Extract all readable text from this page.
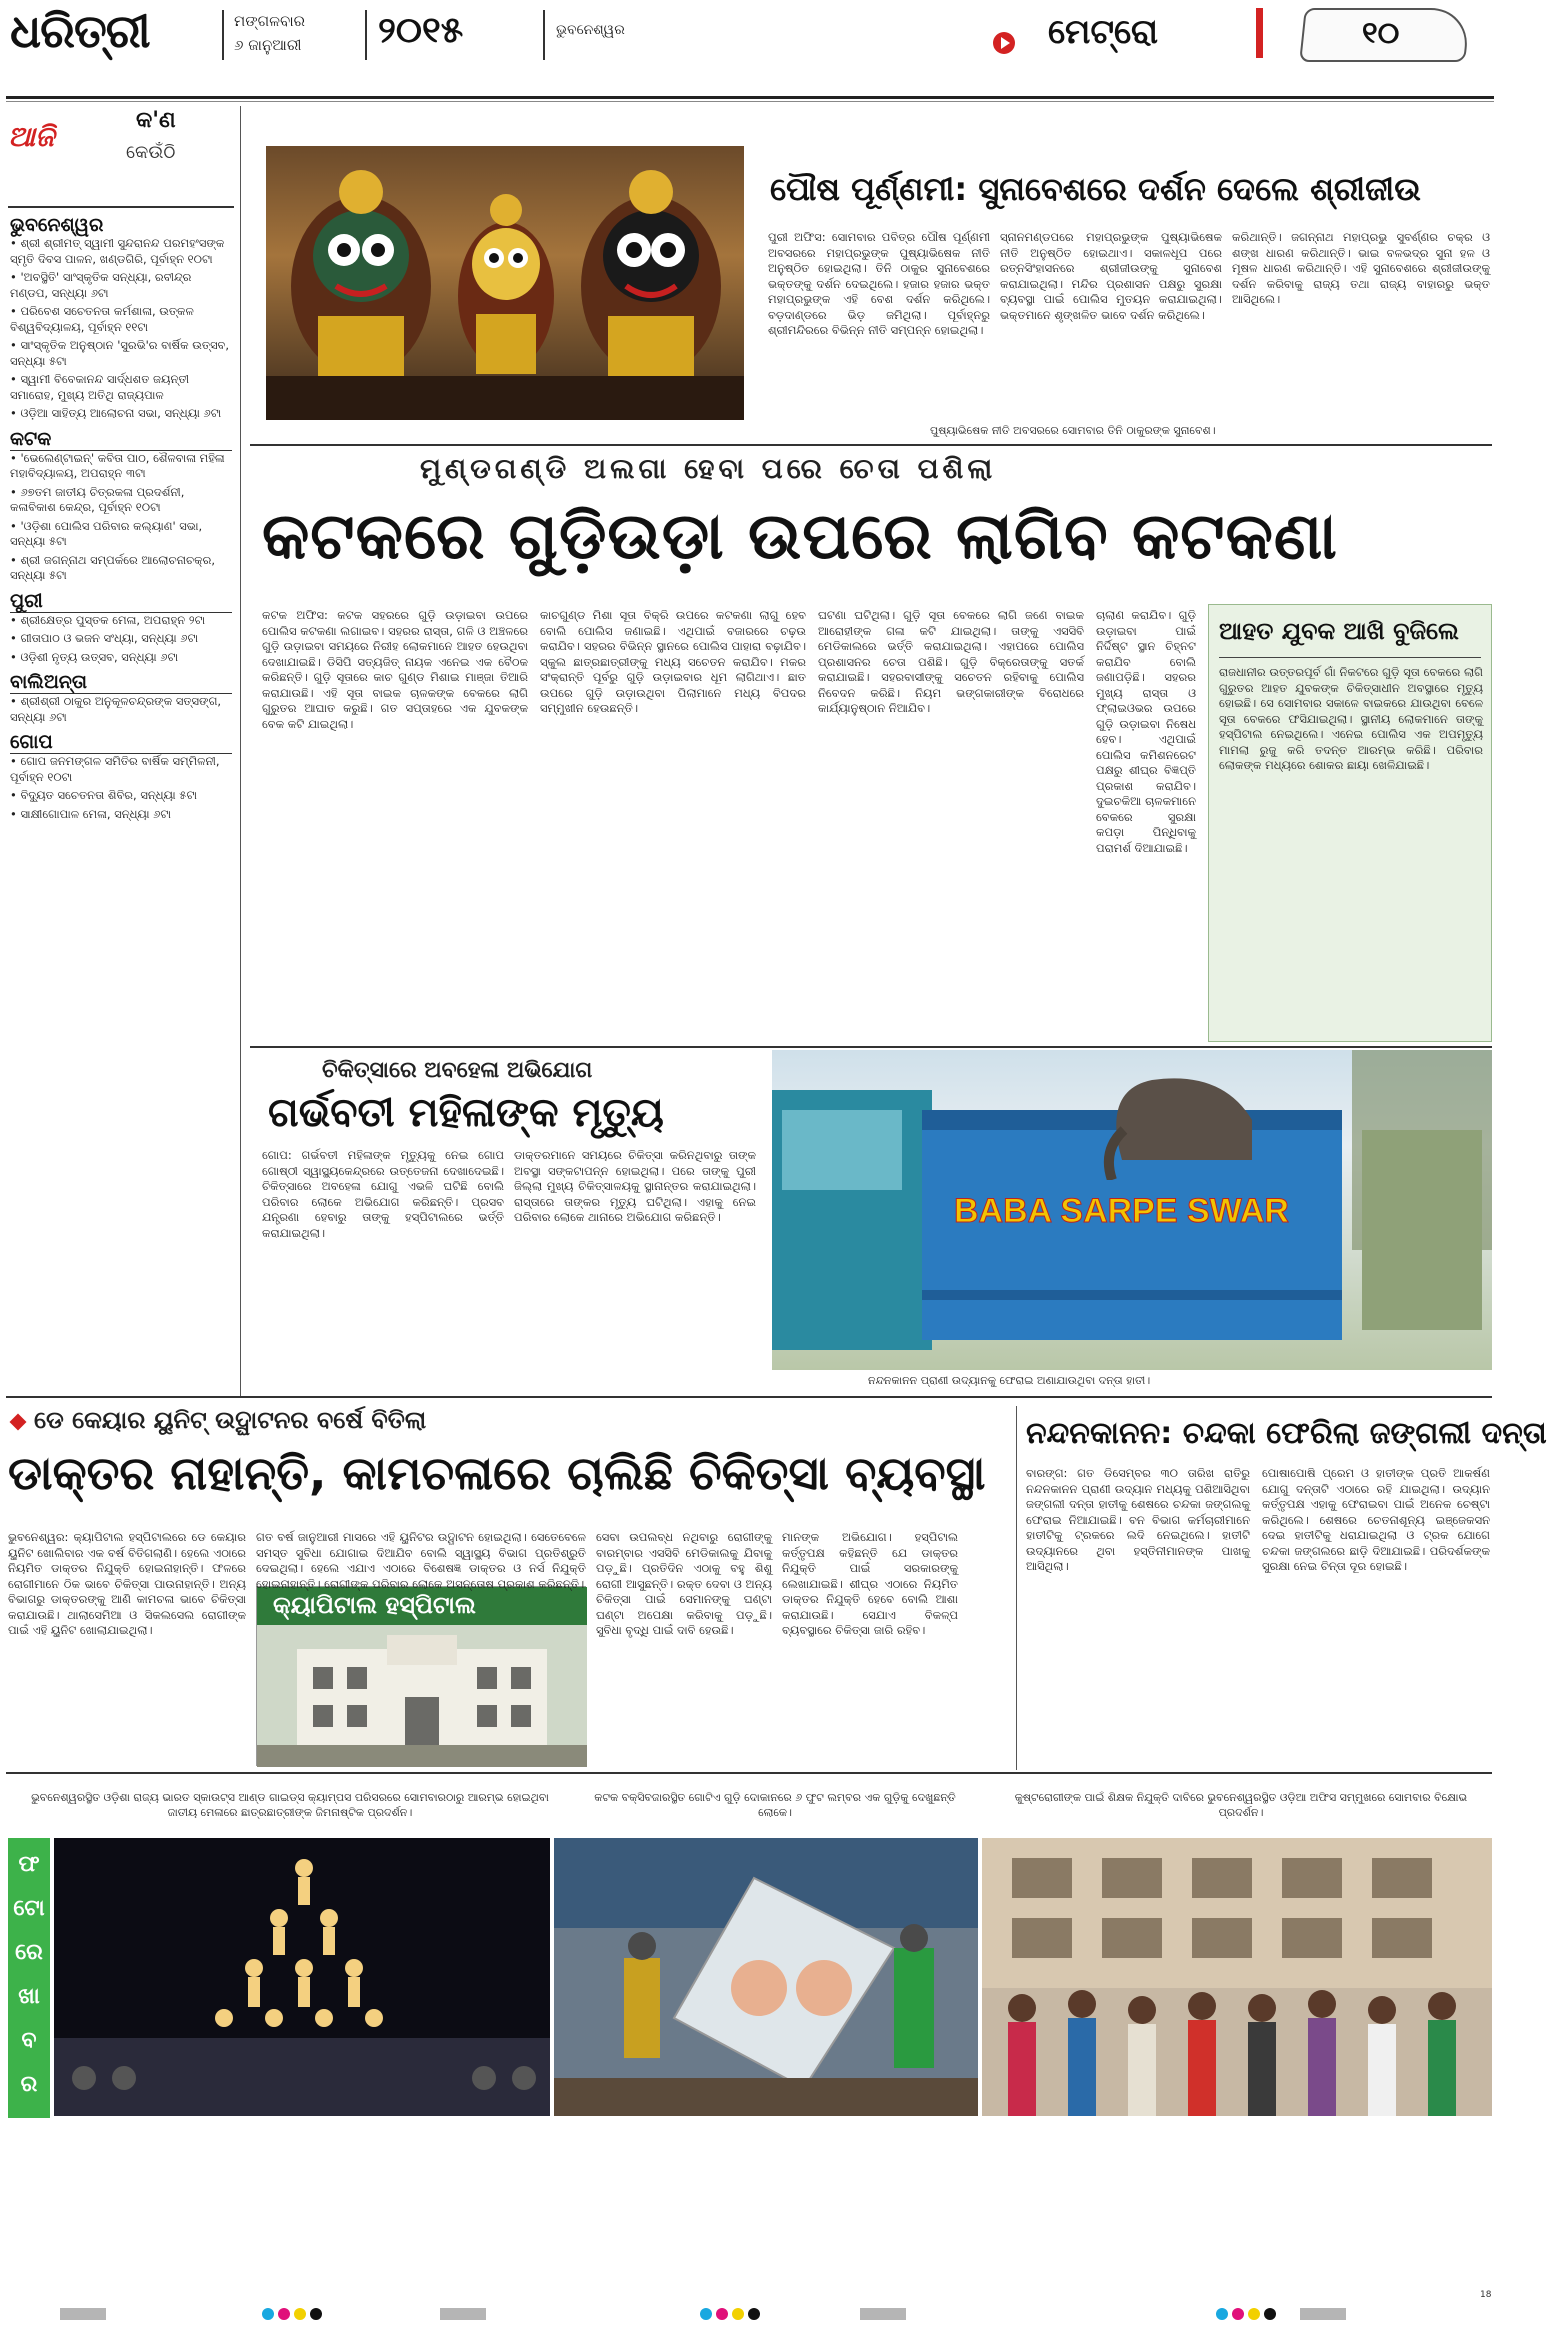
ଧରିତ୍ରୀ	ମଙ୍ଗଳବାର
୬ ଜାନୁଆରୀ ୨୦୧୫	ଭୁବନେଶ୍ୱର	ମେଟ୍ରୋ	୧୦
ଆଜି	କ'ଣ
କେଉଁଠି
ଭୁବନେଶ୍ୱର
• ଶ୍ରୀ ଶ୍ରୀମତ୍ ସ୍ୱାମୀ ସୁନ୍ଦରାନନ୍ଦ ପରମହଂସଙ୍କ ସ୍ମୃତି ଦିବସ ପାଳନ, ଖଣ୍ଡଗିରି, ପୂର୍ବାହ୍ନ ୧୦ଟା
• 'ଅବସ୍ଥିତି' ସାଂସ୍କୃତିକ ସନ୍ଧ୍ୟା, ରବୀନ୍ଦ୍ର ମଣ୍ଡପ, ସନ୍ଧ୍ୟା ୬ଟା
• ପରିବେଶ ସଚେତନତା କର୍ମଶାଳା, ଉତ୍କଳ ବିଶ୍ୱବିଦ୍ୟାଳୟ, ପୂର୍ବାହ୍ନ ୧୧ଟା
• ସାଂସ୍କୃତିକ ଅନୁଷ୍ଠାନ 'ସୁରଭି'ର ବାର୍ଷିକ ଉତ୍ସବ, ସନ୍ଧ୍ୟା ୫ଟା
• ସ୍ୱାମୀ ବିବେକାନନ୍ଦ ସାର୍ଦ୍ଧଶତ ଜୟନ୍ତୀ ସମାରୋହ, ମୁଖ୍ୟ ଅତିଥି ରାଜ୍ୟପାଳ
• ଓଡ଼ିଆ ସାହିତ୍ୟ ଆଲୋଚନା ସଭା, ସନ୍ଧ୍ୟା ୬ଟା
କଟକ
• 'ଭେଲେଣ୍ଟାଇନ୍' କବିତା ପାଠ, ଶୈଳବାଳା ମହିଳା ମହାବିଦ୍ୟାଳୟ, ଅପରାହ୍ନ ୩ଟା
• ୬୭ତମ ଜାତୀୟ ଚିତ୍ରକଳା ପ୍ରଦର୍ଶନୀ, କଳାବିକାଶ କେନ୍ଦ୍ର, ପୂର୍ବାହ୍ନ ୧୦ଟା
• 'ଓଡ଼ିଶା ପୋଲିସ ପରିବାର କଲ୍ୟାଣ' ସଭା, ସନ୍ଧ୍ୟା ୫ଟା
• ଶ୍ରୀ ଜଗନ୍ନାଥ ସମ୍ପର୍କରେ ଆଲୋଚନାଚକ୍ର, ସନ୍ଧ୍ୟା ୫ଟା
ପୁରୀ
• ଶ୍ରୀକ୍ଷେତ୍ର ପୁସ୍ତକ ମେଳା, ଅପରାହ୍ନ ୨ଟା
• ଗୀତାପାଠ ଓ ଭଜନ ସଂଧ୍ୟା, ସନ୍ଧ୍ୟା ୬ଟା
• ଓଡ଼ିଶୀ ନୃତ୍ୟ ଉତ୍ସବ, ସନ୍ଧ୍ୟା ୬ଟା
ବାଲିଅନ୍ତା
• ଶ୍ରୀଶ୍ରୀ ଠାକୁର ଅନୁକୂଳଚନ୍ଦ୍ରଙ୍କ ସତ୍ସଙ୍ଗ, ସନ୍ଧ୍ୟା ୬ଟା
ଗୋପ
• ଗୋପ ଜନମଙ୍ଗଳ ସମିତିର ବାର୍ଷିକ ସମ୍ମିଳନୀ, ପୂର୍ବାହ୍ନ ୧୦ଟା
• ବିଦ୍ୟୁତ ସଚେତନତା ଶିବିର, ସନ୍ଧ୍ୟା ୫ଟା
• ସାକ୍ଷୀଗୋପାଳ ମେଳା, ସନ୍ଧ୍ୟା ୬ଟା
ପୌଷ ପୂର୍ଣ୍ଣମୀ: ସୁନାବେଶରେ ଦର୍ଶନ ଦେଲେ ଶ୍ରୀଜୀଉ
ପୁରୀ ଅଫିସ: ସୋମବାର ପବିତ୍ର ପୌଷ ପୂର୍ଣ୍ଣମୀ ଅବସରରେ ମହାପ୍ରଭୁଙ୍କ ପୁଷ୍ୟାଭିଷେକ ନୀତି ଅନୁଷ୍ଠିତ ହୋଇଥିଲା। ତିନି ଠାକୁର ସୁନାବେଶରେ ଭକ୍ତଙ୍କୁ ଦର୍ଶନ ଦେଇଥିଲେ। ହଜାର ହଜାର ଭକ୍ତ ମହାପ୍ରଭୁଙ୍କ ଏହି ବେଶ ଦର୍ଶନ କରିଥିଲେ। ବଡ଼ଦାଣ୍ଡରେ ଭିଡ଼ ଜମିଥିଲା। ପୂର୍ବାହ୍ନରୁ ଶ୍ରୀମନ୍ଦିରରେ ବିଭିନ୍ନ ନୀତି ସମ୍ପନ୍ନ ହୋଇଥିଲା।
ସ୍ନାନମଣ୍ଡପରେ ମହାପ୍ରଭୁଙ୍କ ପୁଷ୍ୟାଭିଷେକ ନୀତି ଅନୁଷ୍ଠିତ ହୋଇଥାଏ। ସକାଳଧୂପ ପରେ ରତ୍ନସିଂହାସନରେ ଶ୍ରୀଜୀଉଙ୍କୁ ସୁନାବେଶ କରାଯାଇଥିଲା। ମନ୍ଦିର ପ୍ରଶାସନ ପକ୍ଷରୁ ସୁରକ୍ଷା ବ୍ୟବସ୍ଥା ପାଇଁ ପୋଲିସ ମୁତୟନ କରାଯାଇଥିଲା। ଭକ୍ତମାନେ ଶୃଙ୍ଖଳିତ ଭାବେ ଦର୍ଶନ କରିଥିଲେ।
କରିଥାନ୍ତି। ଜଗନ୍ନାଥ ମହାପ୍ରଭୁ ସୁବର୍ଣ୍ଣର ଚକ୍ର ଓ ଶଙ୍ଖ ଧାରଣ କରିଥାନ୍ତି। ଭାଇ ବଳଭଦ୍ର ସୁନା ହଳ ଓ ମୂଷଳ ଧାରଣ କରିଥାନ୍ତି। ଏହି ସୁନାବେଶରେ ଶ୍ରୀଜୀଉଙ୍କୁ ଦର୍ଶନ କରିବାକୁ ରାଜ୍ୟ ତଥା ରାଜ୍ୟ ବାହାରରୁ ଭକ୍ତ ଆସିଥିଲେ।
ପୁଷ୍ୟାଭିଷେକ ନୀତି ଅବସରରେ ସୋମବାର ତିନି ଠାକୁରଙ୍କ ସୁନାବେଶ।
ମୁଣ୍ଡଗଣ୍ଡି ଅଲଗା ହେବା ପରେ ଚେତା ପଶିଲା
କଟକରେ ଗୁଡ଼ିଉଡ଼ା ଉପରେ ଲାଗିବ କଟକଣା
କଟକ ଅଫିସ: କଟକ ସହରରେ ଗୁଡ଼ି ଉଡ଼ାଇବା ଉପରେ ପୋଲିସ କଟକଣା ଲଗାଇବ। ସହରର ରାସ୍ତା, ଗଳି ଓ ଅଞ୍ଚଳରେ ଗୁଡ଼ି ଉଡ଼ାଇବା ସମୟରେ ନିରୀହ ଲୋକମାନେ ଆହତ ହେଉଥିବା ଦେଖାଯାଇଛି। ଡିସିପି ସତ୍ୟଜିତ୍ ନାୟକ ଏନେଇ ଏକ ବୈଠକ କରିଛନ୍ତି। ଗୁଡ଼ି ସୂତାରେ କାଚ ଗୁଣ୍ଡ ମିଶାଇ ମାଞ୍ଜା ତିଆରି କରାଯାଉଛି। ଏହି ସୂତା ବାଇକ ଚାଳକଙ୍କ ବେକରେ ଲାଗି ଗୁରୁତର ଆଘାତ କରୁଛି। ଗତ ସପ୍ତାହରେ ଏକ ଯୁବକଙ୍କ ବେକ କଟି ଯାଇଥିଲା।
କାଚଗୁଣ୍ଡ ମିଶା ସୂତା ବିକ୍ରି ଉପରେ କଟକଣା ଲାଗୁ ହେବ ବୋଲି ପୋଲିସ ଜଣାଇଛି। ଏଥିପାଇଁ ବଜାରରେ ଚଢ଼ଉ କରାଯିବ। ସହରର ବିଭିନ୍ନ ସ୍ଥାନରେ ପୋଲିସ ପାହାରା ବଢ଼ାଯିବ। ସ୍କୁଲ ଛାତ୍ରଛାତ୍ରୀଙ୍କୁ ମଧ୍ୟ ସଚେତନ କରାଯିବ। ମକର ସଂକ୍ରାନ୍ତି ପୂର୍ବରୁ ଗୁଡ଼ି ଉଡ଼ାଇବାର ଧୂମ ଲାଗିଥାଏ। ଛାତ ଉପରେ ଗୁଡ଼ି ଉଡ଼ାଉଥିବା ପିଲାମାନେ ମଧ୍ୟ ବିପଦର ସମ୍ମୁଖୀନ ହେଉଛନ୍ତି।
ଘଟଣା ଘଟିଥିଲା। ଗୁଡ଼ି ସୂତା ବେକରେ ଲାଗି ଜଣେ ବାଇକ ଆରୋହୀଙ୍କ ଗଳା କଟି ଯାଇଥିଲା। ତାଙ୍କୁ ଏସସିବି ମେଡିକାଲରେ ଭର୍ତ୍ତି କରାଯାଇଥିଲା। ଏହାପରେ ପୋଲିସ ପ୍ରଶାସନର ଚେତା ପଶିଛି। ଗୁଡ଼ି ବିକ୍ରେତାଙ୍କୁ ସତର୍କ କରାଯାଇଛି। ସହରବାସୀଙ୍କୁ ସଚେତନ ରହିବାକୁ ପୋଲିସ ନିବେଦନ କରିଛି। ନିୟମ ଭଙ୍ଗକାରୀଙ୍କ ବିରୋଧରେ କାର୍ଯ୍ୟାନୁଷ୍ଠାନ ନିଆଯିବ।
ଚାଲାଣ କରାଯିବ। ଗୁଡ଼ି ଉଡ଼ାଇବା ପାଇଁ ନିର୍ଦ୍ଦିଷ୍ଟ ସ୍ଥାନ ଚିହ୍ନଟ କରାଯିବ ବୋଲି ଜଣାପଡ଼ିଛି। ସହରର ମୁଖ୍ୟ ରାସ୍ତା ଓ ଫ୍ଲାଇଓଭର ଉପରେ ଗୁଡ଼ି ଉଡ଼ାଇବା ନିଷେଧ ହେବ। ଏଥିପାଇଁ ପୋଲିସ କମିଶନରେଟ ପକ୍ଷରୁ ଶୀଘ୍ର ବିଜ୍ଞପ୍ତି ପ୍ରକାଶ କରାଯିବ। ଦୁଇଚକିଆ ଚାଳକମାନେ ବେକରେ ସୁରକ୍ଷା କପଡ଼ା ପିନ୍ଧିବାକୁ ପରାମର୍ଶ ଦିଆଯାଇଛି।
ଆହତ ଯୁବକ ଆଖି ବୁଜିଲେ
ରାଜଧାନୀର ଉତ୍ତରପୂର୍ବ ଗାଁ ନିକଟରେ ଗୁଡ଼ି ସୂତା ବେକରେ ଲାଗି ଗୁରୁତର ଆହତ ଯୁବକଙ୍କ ଚିକିତ୍ସାଧୀନ ଅବସ୍ଥାରେ ମୃତ୍ୟୁ ହୋଇଛି। ସେ ସୋମବାର ସକାଳେ ବାଇକରେ ଯାଉଥିବା ବେଳେ ସୂତା ବେକରେ ଫସିଯାଇଥିଲା। ସ୍ଥାନୀୟ ଲୋକମାନେ ତାଙ୍କୁ ହସ୍ପିଟାଲ ନେଇଥିଲେ। ଏନେଇ ପୋଲିସ ଏକ ଅପମୃତ୍ୟୁ ମାମଲା ରୁଜୁ କରି ତଦନ୍ତ ଆରମ୍ଭ କରିଛି। ପରିବାର ଲୋକଙ୍କ ମଧ୍ୟରେ ଶୋକର ଛାୟା ଖେଳିଯାଇଛି।
ଚିକିତ୍ସାରେ ଅବହେଳା ଅଭିଯୋଗ
ଗର୍ଭବତୀ ମହିଳାଙ୍କ ମୃତ୍ୟୁ
ଗୋପ: ଗର୍ଭବତୀ ମହିଳାଙ୍କ ମୃତ୍ୟୁକୁ ନେଇ ଗୋପ ଗୋଷ୍ଠୀ ସ୍ୱାସ୍ଥ୍ୟକେନ୍ଦ୍ରରେ ଉତ୍ତେଜନା ଦେଖାଦେଇଛି। ଚିକିତ୍ସାରେ ଅବହେଳା ଯୋଗୁ ଏଭଳି ଘଟିଛି ବୋଲି ପରିବାର ଲୋକେ ଅଭିଯୋଗ କରିଛନ୍ତି। ପ୍ରସବ ଯନ୍ତ୍ରଣା ହେବାରୁ ତାଙ୍କୁ ହସ୍ପିଟାଲରେ ଭର୍ତ୍ତି କରାଯାଇଥିଲା।
ଡାକ୍ତରମାନେ ସମୟରେ ଚିକିତ୍ସା କରିନଥିବାରୁ ତାଙ୍କ ଅବସ୍ଥା ସଙ୍କଟାପନ୍ନ ହୋଇଥିଲା। ପରେ ତାଙ୍କୁ ପୁରୀ ଜିଲ୍ଲା ମୁଖ୍ୟ ଚିକିତ୍ସାଳୟକୁ ସ୍ଥାନାନ୍ତର କରାଯାଇଥିଲା। ରାସ୍ତାରେ ତାଙ୍କର ମୃତ୍ୟୁ ଘଟିଥିଲା। ଏହାକୁ ନେଇ ପରିବାର ଲୋକେ ଥାନାରେ ଅଭିଯୋଗ କରିଛନ୍ତି।	BABA SARPE SWAR
ନନ୍ଦନକାନନ ପ୍ରାଣୀ ଉଦ୍ୟାନକୁ ଫେରାଇ ଅଣାଯାଉଥିବା ଦନ୍ତା ହାତୀ।
ଡେ କେୟାର ୟୁନିଟ୍ ଉଦ୍ଘାଟନର ବର୍ଷେ ବିତିଲା
ଡାକ୍ତର ନାହାନ୍ତି, କାମଚଳାରେ ଚାଲିଛି ଚିକିତ୍ସା ବ୍ୟବସ୍ଥା
କ୍ୟାପିଟାଲ ହସ୍ପିଟାଲ
ଭୁବନେଶ୍ୱର: କ୍ୟାପିଟାଲ ହସ୍ପିଟାଲରେ ଡେ କେୟାର ୟୁନିଟ ଖୋଲିବାର ଏକ ବର୍ଷ ବିତିଗଲାଣି। ହେଲେ ଏଠାରେ ନିୟମିତ ଡାକ୍ତର ନିଯୁକ୍ତି ହୋଇନାହାନ୍ତି। ଫଳରେ ରୋଗୀମାନେ ଠିକ ଭାବେ ଚିକିତ୍ସା ପାଉନାହାନ୍ତି। ଅନ୍ୟ ବିଭାଗରୁ ଡାକ୍ତରଙ୍କୁ ଆଣି କାମଚଳା ଭାବେ ଚିକିତ୍ସା କରାଯାଉଛି। ଥାଲାସେମିଆ ଓ ସିକଲସେଲ ରୋଗୀଙ୍କ ପାଇଁ ଏହି ୟୁନିଟ ଖୋଲାଯାଇଥିଲା।
ଗତ ବର୍ଷ ଜାନୁଆରୀ ମାସରେ ଏହି ୟୁନିଟର ଉଦ୍ଘାଟନ ହୋଇଥିଲା। ସେତେବେଳେ ସମସ୍ତ ସୁବିଧା ଯୋଗାଇ ଦିଆଯିବ ବୋଲି ସ୍ୱାସ୍ଥ୍ୟ ବିଭାଗ ପ୍ରତିଶ୍ରୁତି ଦେଇଥିଲା। ହେଲେ ଏଯାଏ ଏଠାରେ ବିଶେଷଜ୍ଞ ଡାକ୍ତର ଓ ନର୍ସ ନିଯୁକ୍ତି ହୋଇନାହାନ୍ତି। ରୋଗୀଙ୍କ ପରିବାର ଲୋକେ ଅସନ୍ତୋଷ ପ୍ରକାଶ କରିଛନ୍ତି।
ସେବା ଉପଲବ୍ଧ ନଥିବାରୁ ରୋଗୀଙ୍କୁ ବାରମ୍ବାର ଏସସିବି ମେଡିକାଲକୁ ଯିବାକୁ ପଡ଼ୁଛି। ପ୍ରତିଦିନ ଏଠାକୁ ବହୁ ଶିଶୁ ରୋଗୀ ଆସୁଛନ୍ତି। ରକ୍ତ ଦେବା ଓ ଅନ୍ୟ ଚିକିତ୍ସା ପାଇଁ ସେମାନଙ୍କୁ ଘଣ୍ଟା ଘଣ୍ଟା ଅପେକ୍ଷା କରିବାକୁ ପଡ଼ୁଛି। ସୁବିଧା ବୃଦ୍ଧି ପାଇଁ ଦାବି ହେଉଛି।
ମାନଙ୍କ ଅଭିଯୋଗ। ହସ୍ପିଟାଲ କର୍ତ୍ତୃପକ୍ଷ କହିଛନ୍ତି ଯେ ଡାକ୍ତର ନିଯୁକ୍ତି ପାଇଁ ସରକାରଙ୍କୁ ଲେଖାଯାଇଛି। ଶୀଘ୍ର ଏଠାରେ ନିୟମିତ ଡାକ୍ତର ନିଯୁକ୍ତି ହେବେ ବୋଲି ଆଶା କରାଯାଉଛି। ସେଯାଏ ବିକଳ୍ପ ବ୍ୟବସ୍ଥାରେ ଚିକିତ୍ସା ଜାରି ରହିବ।
ନନ୍ଦନକାନନ: ଚନ୍ଦକା ଫେରିଲା ଜଙ୍ଗଲୀ ଦନ୍ତା
ବାରଙ୍ଗ: ଗତ ଡିସେମ୍ବର ୩୦ ତାରିଖ ରାତିରୁ ନନ୍ଦନକାନନ ପ୍ରାଣୀ ଉଦ୍ୟାନ ମଧ୍ୟକୁ ପଶିଆସିଥିବା ଜଙ୍ଗଲୀ ଦନ୍ତା ହାତୀକୁ ଶେଷରେ ଚନ୍ଦକା ଜଙ୍ଗଲକୁ ଫେରାଇ ନିଆଯାଇଛି। ବନ ବିଭାଗ କର୍ମଚାରୀମାନେ ହାତୀଟିକୁ ଟ୍ରକରେ ଲଦି ନେଇଥିଲେ। ହାତୀଟି ଉଦ୍ୟାନରେ ଥିବା ହସ୍ତିନୀମାନଙ୍କ ପାଖକୁ ଆସିଥିଲା।
ପୋଷାପୋଷି ପ୍ରେମ ଓ ହାତୀଙ୍କ ପ୍ରତି ଆକର୍ଷଣ ଯୋଗୁ ଦନ୍ତାଟି ଏଠାରେ ରହି ଯାଇଥିଲା। ଉଦ୍ୟାନ କର୍ତ୍ତୃପକ୍ଷ ଏହାକୁ ଫେରାଇବା ପାଇଁ ଅନେକ ଚେଷ୍ଟା କରିଥିଲେ। ଶେଷରେ ଚେତନାଶୂନ୍ୟ ଇଞ୍ଜେକସନ ଦେଇ ହାତୀଟିକୁ ଧରାଯାଇଥିଲା ଓ ଟ୍ରକ ଯୋଗେ ଚନ୍ଦକା ଜଙ୍ଗଲରେ ଛାଡ଼ି ଦିଆଯାଇଛି। ପରିଦର୍ଶକଙ୍କ ସୁରକ୍ଷା ନେଇ ଚିନ୍ତା ଦୂର ହୋଇଛି।
ଭୁବନେଶ୍ୱରସ୍ଥିତ ଓଡ଼ିଶା ରାଜ୍ୟ ଭାରତ ସ୍କାଉଟ୍ସ ଆଣ୍ଡ ଗାଇଡ୍ସ କ୍ୟାମ୍ପସ ପରିସରରେ ସୋମବାରଠାରୁ ଆରମ୍ଭ ହୋଇଥିବା ଜାତୀୟ ମେଳାରେ ଛାତ୍ରଛାତ୍ରୀଙ୍କ ଜିମନାଷ୍ଟିକ ପ୍ରଦର୍ଶନ।
କଟକ ବକ୍ସିବଜାରସ୍ଥିତ ଗୋଟିଏ ଗୁଡ଼ି ଦୋକାନରେ ୬ ଫୁଟ ଲମ୍ବର ଏକ ଗୁଡ଼ିକୁ ଦେଖୁଛନ୍ତି ଲୋକେ।
କୁଷ୍ଟରୋଗୀଙ୍କ ପାଇଁ ଶିକ୍ଷକ ନିଯୁକ୍ତି ଦାବିରେ ଭୁବନେଶ୍ୱରସ୍ଥିତ ଓଡ଼ିଆ ଅଫିସ ସମ୍ମୁଖରେ ସୋମବାର ବିକ୍ଷୋଭ ପ୍ରଦର୍ଶନ।
ଫ
ଟୋ
ରେ
ଖା
ବ
ର
18
